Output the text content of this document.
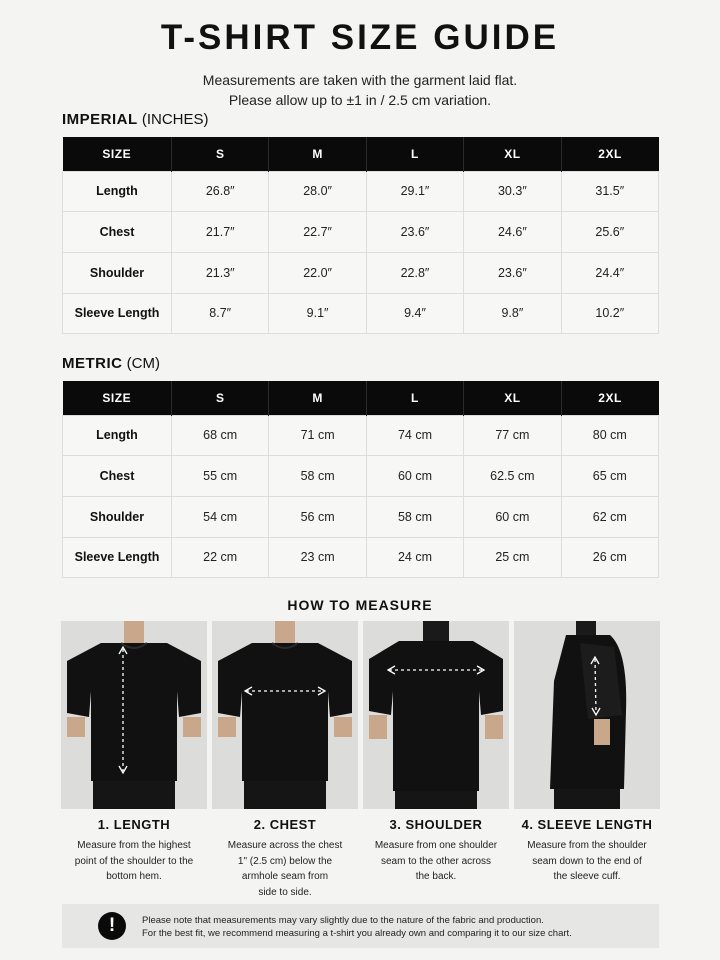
T-SHIRT SIZE GUIDE
Measurements are taken with the garment laid flat.
Please allow up to ±1 in / 2.5 cm variation.
IMPERIAL (INCHES)
SIZE	S	M	L	XL	2XL
Length	26.8″	28.0″	29.1″	30.3″	31.5″
Chest	21.7″	22.7″	23.6″	24.6″	25.6″
Shoulder	21.3″	22.0″	22.8″	23.6″	24.4″
Sleeve Length	8.7″	9.1″	9.4″	9.8″	10.2″
METRIC (CM)
SIZE	S	M	L	XL	2XL
Length	68 cm	71 cm	74 cm	77 cm	80 cm
Chest	55 cm	58 cm	60 cm	62.5 cm	65 cm
Shoulder	54 cm	56 cm	58 cm	60 cm	62 cm
Sleeve Length	22 cm	23 cm	24 cm	25 cm	26 cm
HOW TO MEASURE
1. LENGTH
Measure from the highest
point of the shoulder to the
bottom hem.
2. CHEST
Measure across the chest
1" (2.5 cm) below the
armhole seam from
side to side.
3. SHOULDER
Measure from one shoulder
seam to the other across
the back.
4. SLEEVE LENGTH
Measure from the shoulder
seam down to the end of
the sleeve cuff.
!	Please note that measurements may vary slightly due to the nature of the fabric and production.
For the best fit, we recommend measuring a t-shirt you already own and comparing it to our size chart.
